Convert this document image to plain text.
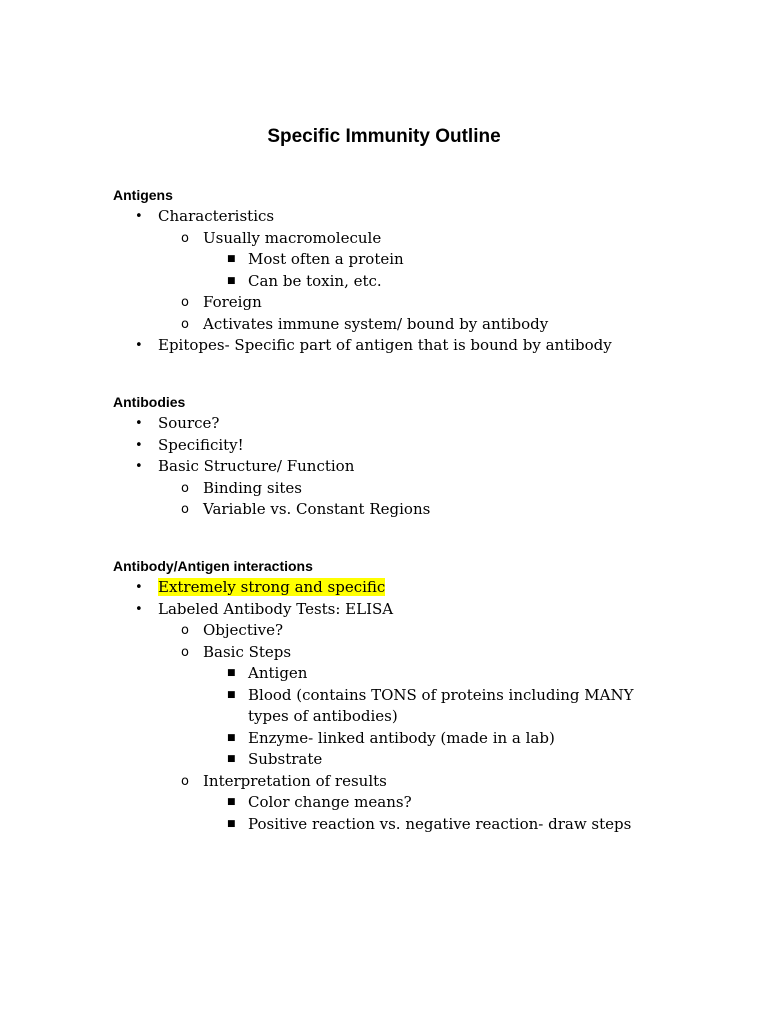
Specific Immunity Outline
Antigens
• Characteristics
o Usually macromolecule
■ Most often a protein
■ Can be toxin, etc.
o Foreign
o Activates immune system/ bound by antibody
• Epitopes- Specific part of antigen that is bound by antibody
Antibodies
• Source?
• Specificity!
• Basic Structure/ Function
o Binding sites
o Variable vs. Constant Regions
Antibody/Antigen interactions
• Extremely strong and specific
• Labeled Antibody Tests: ELISA
o Objective?
o Basic Steps
■ Antigen
■ Blood (contains TONS of proteins including MANY types of antibodies)
■ Enzyme- linked antibody (made in a lab)
■ Substrate
o Interpretation of results
■ Color change means?
■ Positive reaction vs. negative reaction- draw steps
